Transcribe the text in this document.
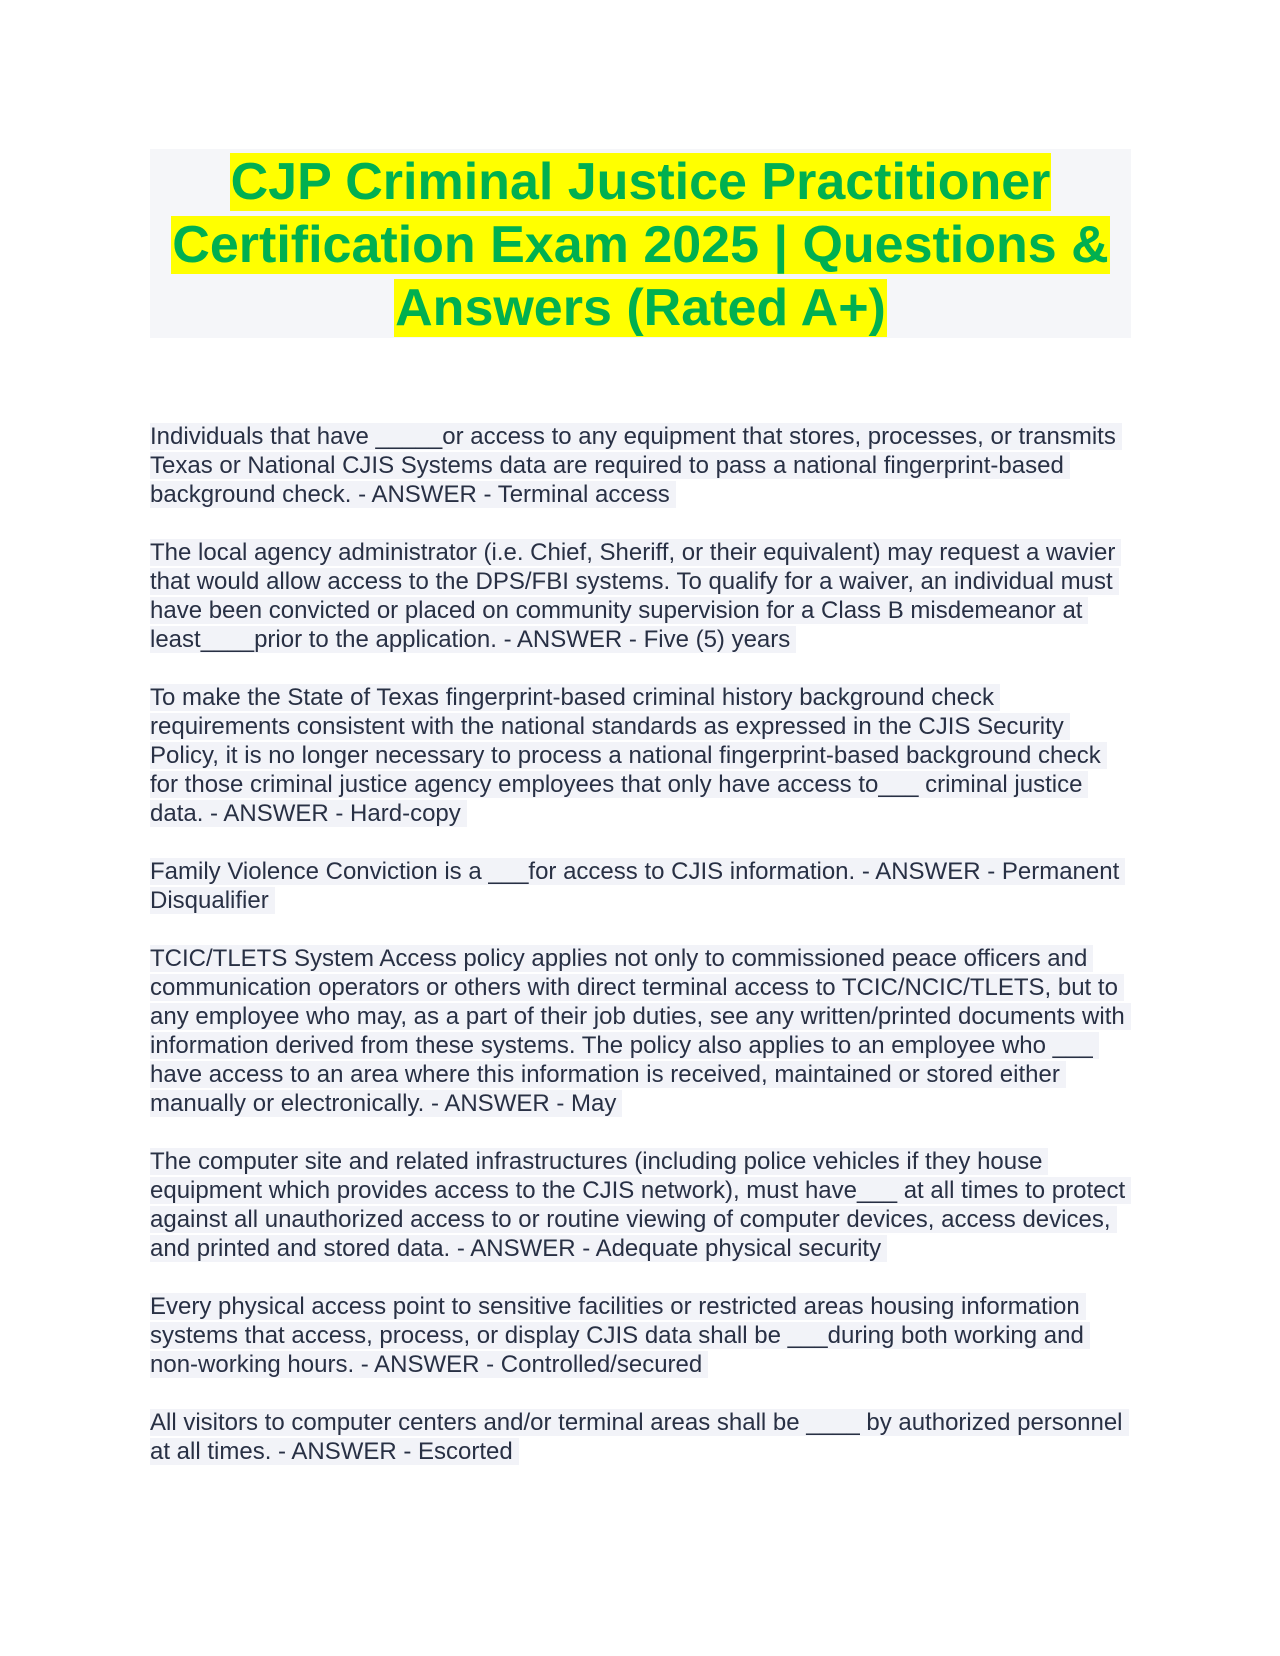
CJP Criminal Justice Practitioner Certification Exam 2025 | Questions & Answers (Rated A+)

Individuals that have _____or access to any equipment that stores, processes, or transmits Texas or National CJIS Systems data are required to pass a national fingerprint-based background check. - ANSWER - Terminal access

The local agency administrator (i.e. Chief, Sheriff, or their equivalent) may request a wavier that would allow access to the DPS/FBI systems. To qualify for a waiver, an individual must have been convicted or placed on community supervision for a Class B misdemeanor at least____prior to the application. - ANSWER - Five (5) years

To make the State of Texas fingerprint-based criminal history background check requirements consistent with the national standards as expressed in the CJIS Security Policy, it is no longer necessary to process a national fingerprint-based background check for those criminal justice agency employees that only have access to___ criminal justice data. - ANSWER - Hard-copy

Family Violence Conviction is a ___for access to CJIS information. - ANSWER - Permanent Disqualifier

TCIC/TLETS System Access policy applies not only to commissioned peace officers and communication operators or others with direct terminal access to TCIC/NCIC/TLETS, but to any employee who may, as a part of their job duties, see any written/printed documents with information derived from these systems. The policy also applies to an employee who ___ have access to an area where this information is received, maintained or stored either manually or electronically. - ANSWER - May

The computer site and related infrastructures (including police vehicles if they house equipment which provides access to the CJIS network), must have___ at all times to protect against all unauthorized access to or routine viewing of computer devices, access devices, and printed and stored data. - ANSWER - Adequate physical security

Every physical access point to sensitive facilities or restricted areas housing information systems that access, process, or display CJIS data shall be ___during both working and non-working hours. - ANSWER - Controlled/secured

All visitors to computer centers and/or terminal areas shall be ____ by authorized personnel at all times. - ANSWER - Escorted
